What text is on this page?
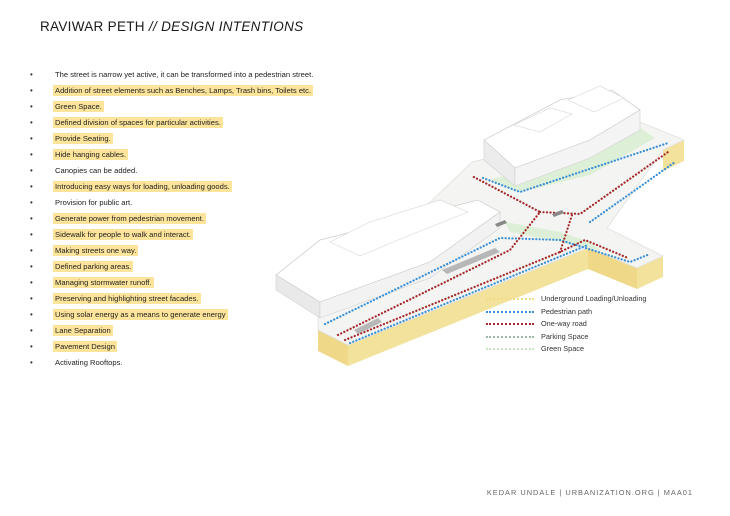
RAVIWAR PETH // DESIGN INTENTIONS
•	The street is narrow yet active, it can be transformed into a pedestrian street.
•	Addition of street elements such as Benches, Lamps, Trash bins, Toilets etc.
•	Green Space.
•	Defined division of spaces for particular activities.
•	Provide Seating.
•	Hide hanging cables.
•	Canopies can be added.
•	Introducing easy ways for loading, unloading goods.
•	Provision for public art.
•	Generate power from pedestrian movement.
•	Sidewalk for people to walk and interact.
•	Making streets one way.
•	Defined parking areas.
•	Managing stormwater runoff.
•	Preserving and highlighting street facades.
•	Using solar energy as a means to generate energy
•	Lane Separation
•	Pavement Design
•	Activating Rooftops.
Underground Loading/Unloading
Pedestrian path
One-way road
Parking Space
Green Space
KEDAR UNDALE | URBANIZATION.ORG | MAA01
